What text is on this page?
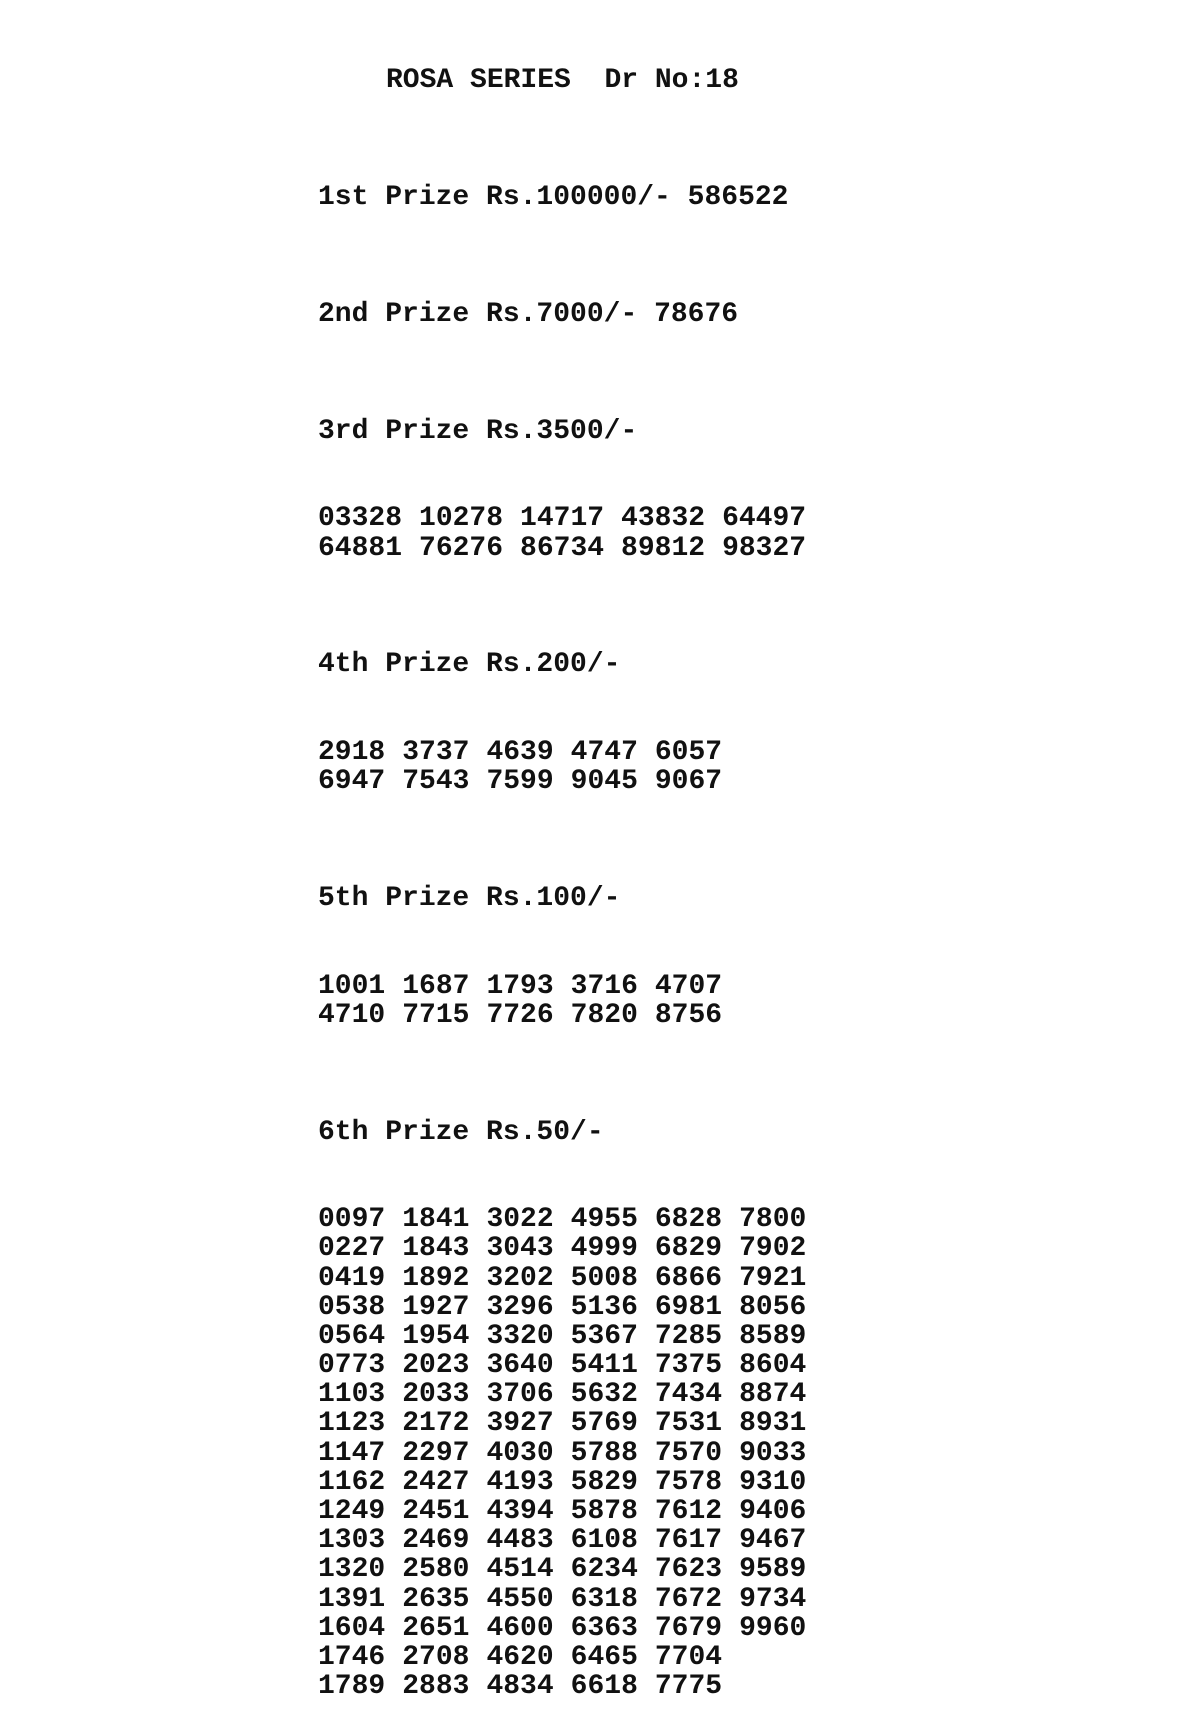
ROSA SERIES Dr No:18

1st Prize Rs.100000/- 586522

2nd Prize Rs.7000/- 78676

3rd Prize Rs.3500/-

03328 10278 14717 43832 64497
64881 76276 86734 89812 98327

4th Prize Rs.200/-

2918 3737 4639 4747 6057
6947 7543 7599 9045 9067

5th Prize Rs.100/-

1001 1687 1793 3716 4707
4710 7715 7726 7820 8756

6th Prize Rs.50/-

0097 1841 3022 4955 6828 7800
0227 1843 3043 4999 6829 7902
0419 1892 3202 5008 6866 7921
0538 1927 3296 5136 6981 8056
0564 1954 3320 5367 7285 8589
0773 2023 3640 5411 7375 8604
1103 2033 3706 5632 7434 8874
1123 2172 3927 5769 7531 8931
1147 2297 4030 5788 7570 9033
1162 2427 4193 5829 7578 9310
1249 2451 4394 5878 7612 9406
1303 2469 4483 6108 7617 9467
1320 2580 4514 6234 7623 9589
1391 2635 4550 6318 7672 9734
1604 2651 4600 6363 7679 9960
1746 2708 4620 6465 7704
1789 2883 4834 6618 7775
